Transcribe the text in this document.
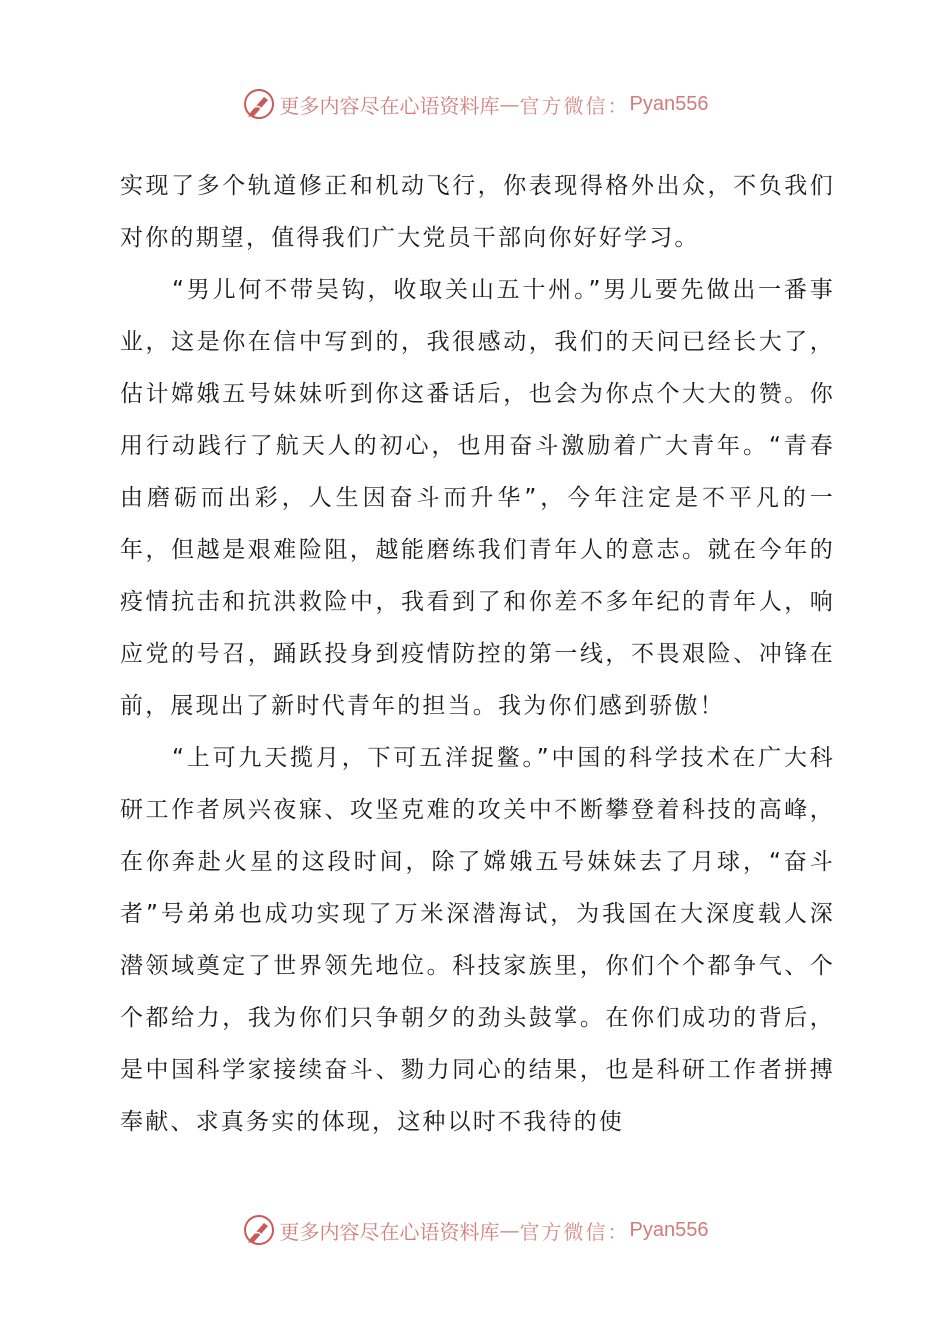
更多内容尽在心语资料库 — 官方微信： Pyan556

实现了多个轨道修正和机动飞行，你表现得格外出众，不负我们对你的期望，值得我们广大党员干部向你好好学习。

“男儿何不带吴钩，收取关山五十州。”男儿要先做出一番事业，这是你在信中写到的，我很感动，我们的天问已经长大了，估计嫦娥五号妹妹听到你这番话后，也会为你点个大大的赞。你用行动践行了航天人的初心，也用奋斗激励着广大青年。“青春由磨砺而出彩，人生因奋斗而升华”，今年注定是不平凡的一年，但越是艰难险阻，越能磨练我们青年人的意志。就在今年的疫情抗击和抗洪救险中，我看到了和你差不多年纪的青年人，响应党的号召，踊跃投身到疫情防控的第一线，不畏艰险、冲锋在前，展现出了新时代青年的担当。我为你们感到骄傲！

“上可九天揽月，下可五洋捉鳖。”中国的科学技术在广大科研工作者夙兴夜寐、攻坚克难的攻关中不断攀登着科技的高峰，在你奔赴火星的这段时间，除了嫦娥五号妹妹去了月球，“奋斗者”号弟弟也成功实现了万米深潜海试，为我国在大深度载人深潜领域奠定了世界领先地位。科技家族里，你们个个都争气、个个都给力，我为你们只争朝夕的劲头鼓掌。在你们成功的背后，是中国科学家接续奋斗、勠力同心的结果，也是科研工作者拼搏奉献、求真务实的体现，这种以时不我待的使

更多内容尽在心语资料库 — 官方微信： Pyan556
